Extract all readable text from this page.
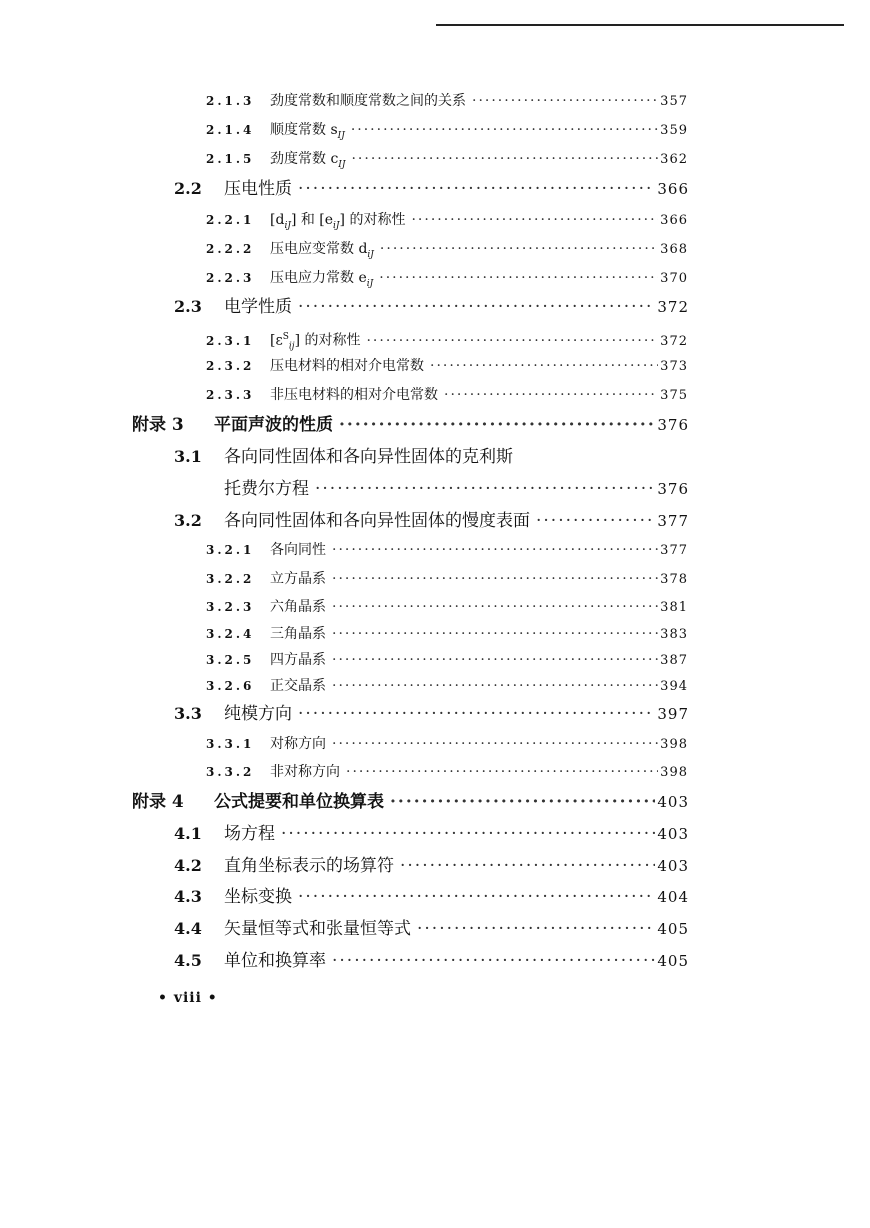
2.1.3	劲度常数和顺度常数之间的关系 ·····	357
2.1.4	顺度常数 $s_{IJ}$ ·····	359
2.1.5	劲度常数 $c_{IJ}$ ·····	362
2.2	压电性质 ·····	366
2.2.1	$[d_{iJ}]$ 和 $[e_{iJ}]$ 的对称性 ·····	366
2.2.2	压电应变常数 $d_{iJ}$ ·····	368
2.2.3	压电应力常数 $e_{iJ}$ ·····	370
2.3	电学性质 ·····	372
2.3.1	$[\varepsilon^S_{ij}]$ 的对称性 ·····	372
2.3.2	压电材料的相对介电常数 ·····	373
2.3.3	非压电材料的相对介电常数 ·····	375
附录 3	平面声波的性质 ·····	376
3.1	各向同性固体和各向异性固体的克利斯
托费尔方程 ·····	376
3.2	各向同性固体和各向异性固体的慢度表面 ·····	377
3.2.1	各向同性 ·····	377
3.2.2	立方晶系 ·····	378
3.2.3	六角晶系 ·····	381
3.2.4	三角晶系 ·····	383
3.2.5	四方晶系 ·····	387
3.2.6	正交晶系 ·····	394
3.3	纯模方向 ·····	397
3.3.1	对称方向 ·····	398
3.3.2	非对称方向 ·····	398
附录 4	公式提要和单位换算表 ·····	403
4.1	场方程 ·····	403
4.2	直角坐标表示的场算符 ·····	403
4.3	坐标变换 ·····	404
4.4	矢量恒等式和张量恒等式 ·····	405
4.5	单位和换算率 ·····	405
• viii •
